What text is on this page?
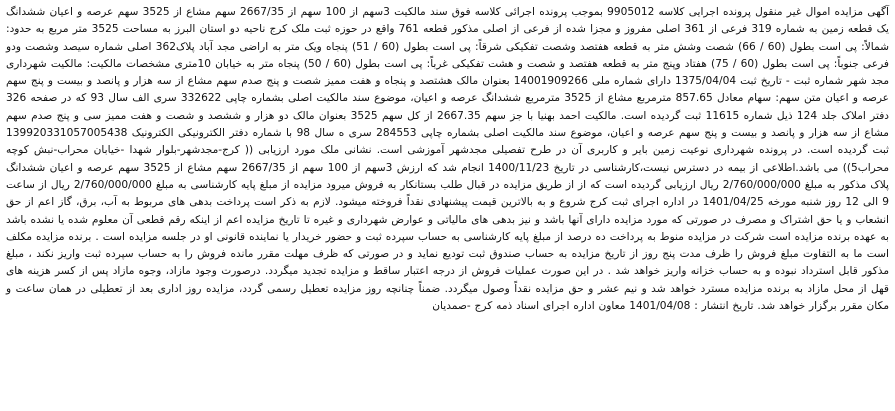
آگهی مزایده اموال غیر منقول پرونده اجرایی کلاسه 9905012 بموجب پرونده اجرائی کلاسه فوق سند مالکیت 3سهم از 100 سهم از 2667/35 سهم مشاع از 3525 سهم عرصه و اعیان ششدانگ یک قطعه زمین به شماره 319 فرعی از 361 اصلی مفروز و مجزا شده از فرعی از اصلی مذکور قطعه 761 واقع در حوزه ثبت ملک کرج ناحیه دو استان البرز به مساحت 3525 متر مربع به حدود: شمالاً: پی است بطول (60 / 66) شصت وشش متر به قطعه هفتصد وشصت تفکیکی شرقاً: پی است بطول (60 / 51) پنجاه ویک متر به اراضی مجد آباد پلاک362 اصلی شماره سیصد وشصت ودو فرعی جنوباً: پی است بطول (60 / 75) هفتاد وپنج متر به قطعه هفتصد و شصت و هشت تفکیکی غرباً: پی است بطول (60 / 50) پنجاه متر به خیابان 10متری مشخصات مالکیت: مالکیت شهرداری مجد شهر شماره ثبت - تاریخ ثبت 1375/04/04 دارای شماره ملی 14001909266 بعنوان مالک هشتصد و پنجاه و هفت ممیز شصت و پنج صدم سهم مشاع از سه هزار و پانصد و بیست و پنج سهم عرصه و اعیان متن سهم: سهام معادل 857.65 مترمربع مشاع از 3525 مترمربع ششدانگ عرصه و اعیان، موضوع سند مالکیت اصلی بشماره چاپی 332622 سری الف سال 93 که در صفحه 326 دفتر املاک جلد 124 ذیل شماره 11615 ثبت گردیده است. مالکیت احمد بهنیا با جز سهم 2667.35 از کل سهم 3525 بعنوان مالک دو هزار و ششصد و شصت و هفت ممیز سی و پنج صدم سهم مشاع از سه هزار و پانصد و بیست و پنج سهم عرصه و اعیان، موضوع سند مالکیت اصلی بشماره چاپی 284553 سری ه سال 98 با شماره دفتر الکترونیکی الکترونیک 139920331057005438 ثبت گردیده است. در پرونده شهرداری نوعیت زمین بایر و کاربری آن در طرح تفصیلی مجدشهر آموزشی است. نشانی ملک مورد ارزیابی (( کرج-مجدشهر-بلوار شهدا -خیابان محراب-نبش کوچه محراب5)) می باشد.اطلاعی از بیمه در دسترس نیست،کارشناسی در تاریخ 1400/11/23 انجام شد که ارزش 3سهم از 100 سهم از 2667/35 سهم مشاع از 3525 سهم عرصه و اعیان ششدانگ پلاک مذکور به مبلغ 2/760/000/000 ریال ارزیابی گردیده است که از از طریق مزایده در قبال طلب بستانکار به فروش میرود مزایده از مبلغ پایه کارشناسی به مبلغ 2/760/000/000 ریال از ساعت 9 الی 12 روز شنبه مورخه 1401/04/25 در اداره اجرای ثبت کرج شروع و به بالاترین قیمت پیشنهادی نقداً فروخته میشود. لازم به ذکر است پرداخت بدهی های مربوط به آب، برق، گاز اعم از حق انشعاب و یا حق اشتراک و مصرف در صورتی که مورد مزایده دارای آنها باشد و نیز بدهی های مالیاتی و عوارض شهرداری و غیره تا تاریخ مزایده اعم از اینکه رقم قطعی آن معلوم شده یا نشده باشد به عهده برنده مزایده است شرکت در مزایده منوط به پرداخت ده درصد از مبلغ پایه کارشناسی به حساب سپرده ثبت و حضور خریدار یا نماینده قانونی او در جلسه مزایده است . برنده مزایده مکلف است ما به التفاوت مبلغ فروش را ظرف مدت پنج روز از تاریخ مزایده به حساب صندوق ثبت تودیع نماید و در صورتی که ظرف مهلت مقرر مانده فروش را به حساب سپرده ثبت واریز نکند ، مبلغ مذکور قابل استرداد نبوده و به حساب خزانه واریز خواهد شد . در این صورت عملیات فروش از درجه اعتبار ساقط و مزایده تجدید میگردد. درصورت وجود مازاد، وجوه مازاد پس از کسر هزینه های قهل از محل مازاد به برنده مزایده مسترد خواهد شد و نیم عشر و حق مزایده نقداً وصول میگردد. ضمناً چنانچه روز مزایده تعطیل رسمی گردد، مزایده روز اداری بعد از تعطیلی در همان ساعت و مکان مقرر برگزار خواهد شد. تاریخ انتشار : 1401/04/08 معاون اداره اجرای اسناد ذمه کرج -صمدیان
